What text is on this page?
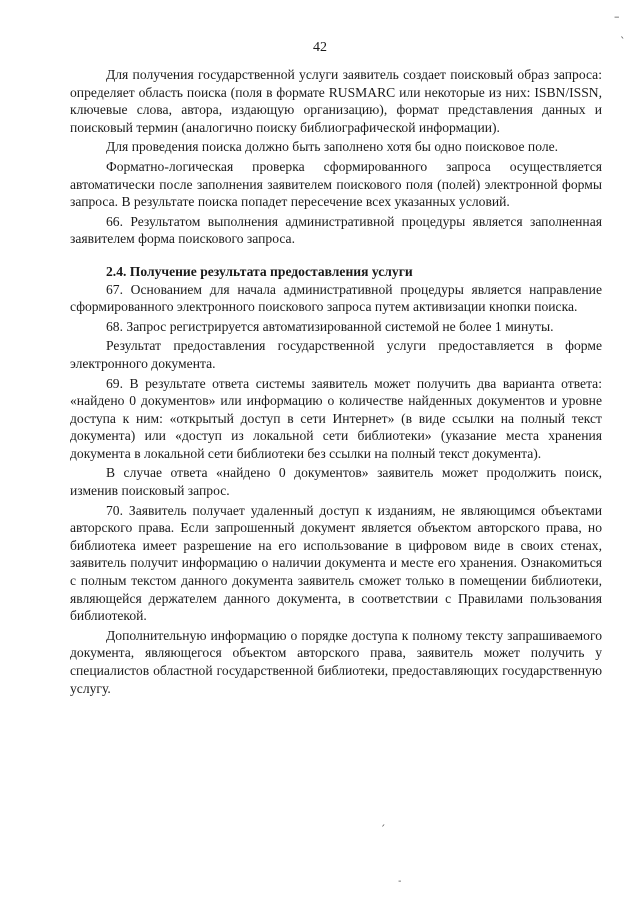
42

Для получения государственной услуги заявитель создает поисковый образ запроса: определяет область поиска (поля в формате RUSMARC или некоторые из них: ISBN/ISSN, ключевые слова, автора, издающую организацию), формат представления данных и поисковый термин (аналогично поиску библиографической информации).

Для проведения поиска должно быть заполнено хотя бы одно поисковое поле.

Форматно-логическая проверка сформированного запроса осуществляется автоматически после заполнения заявителем поискового поля (полей) электронной формы запроса. В результате поиска попадет пересечение всех указанных условий.

66. Результатом выполнения административной процедуры является заполненная заявителем форма поискового запроса.

2.4. Получение результата предоставления услуги

67. Основанием для начала административной процедуры является направление сформированного электронного поискового запроса путем активизации кнопки поиска.

68. Запрос регистрируется автоматизированной системой не более 1 минуты.

Результат предоставления государственной услуги предоставляется в форме электронного документа.

69. В результате ответа системы заявитель может получить два варианта ответа: «найдено 0 документов» или информацию о количестве найденных документов и уровне доступа к ним: «открытый доступ в сети Интернет» (в виде ссылки на полный текст документа) или «доступ из локальной сети библиотеки» (указание места хранения документа в локальной сети библиотеки без ссылки на полный текст документа).

В случае ответа «найдено 0 документов» заявитель может продолжить поиск, изменив поисковый запрос.

70. Заявитель получает удаленный доступ к изданиям, не являющимся объектами авторского права. Если запрошенный документ является объектом авторского права, но библиотека имеет разрешение на его использование в цифровом виде в своих стенах, заявитель получит информацию о наличии документа и месте его хранения. Ознакомиться с полным текстом данного документа заявитель сможет только в помещении библиотеки, являющейся держателем данного документа, в соответствии с Правилами пользования библиотекой.

Дополнительную информацию о порядке доступа к полному тексту запрашиваемого документа, являющегося объектом авторского права, заявитель может получить у специалистов областной государственной библиотеки, предоставляющих государственную услугу.

–
ˎ
ˏ
˗
